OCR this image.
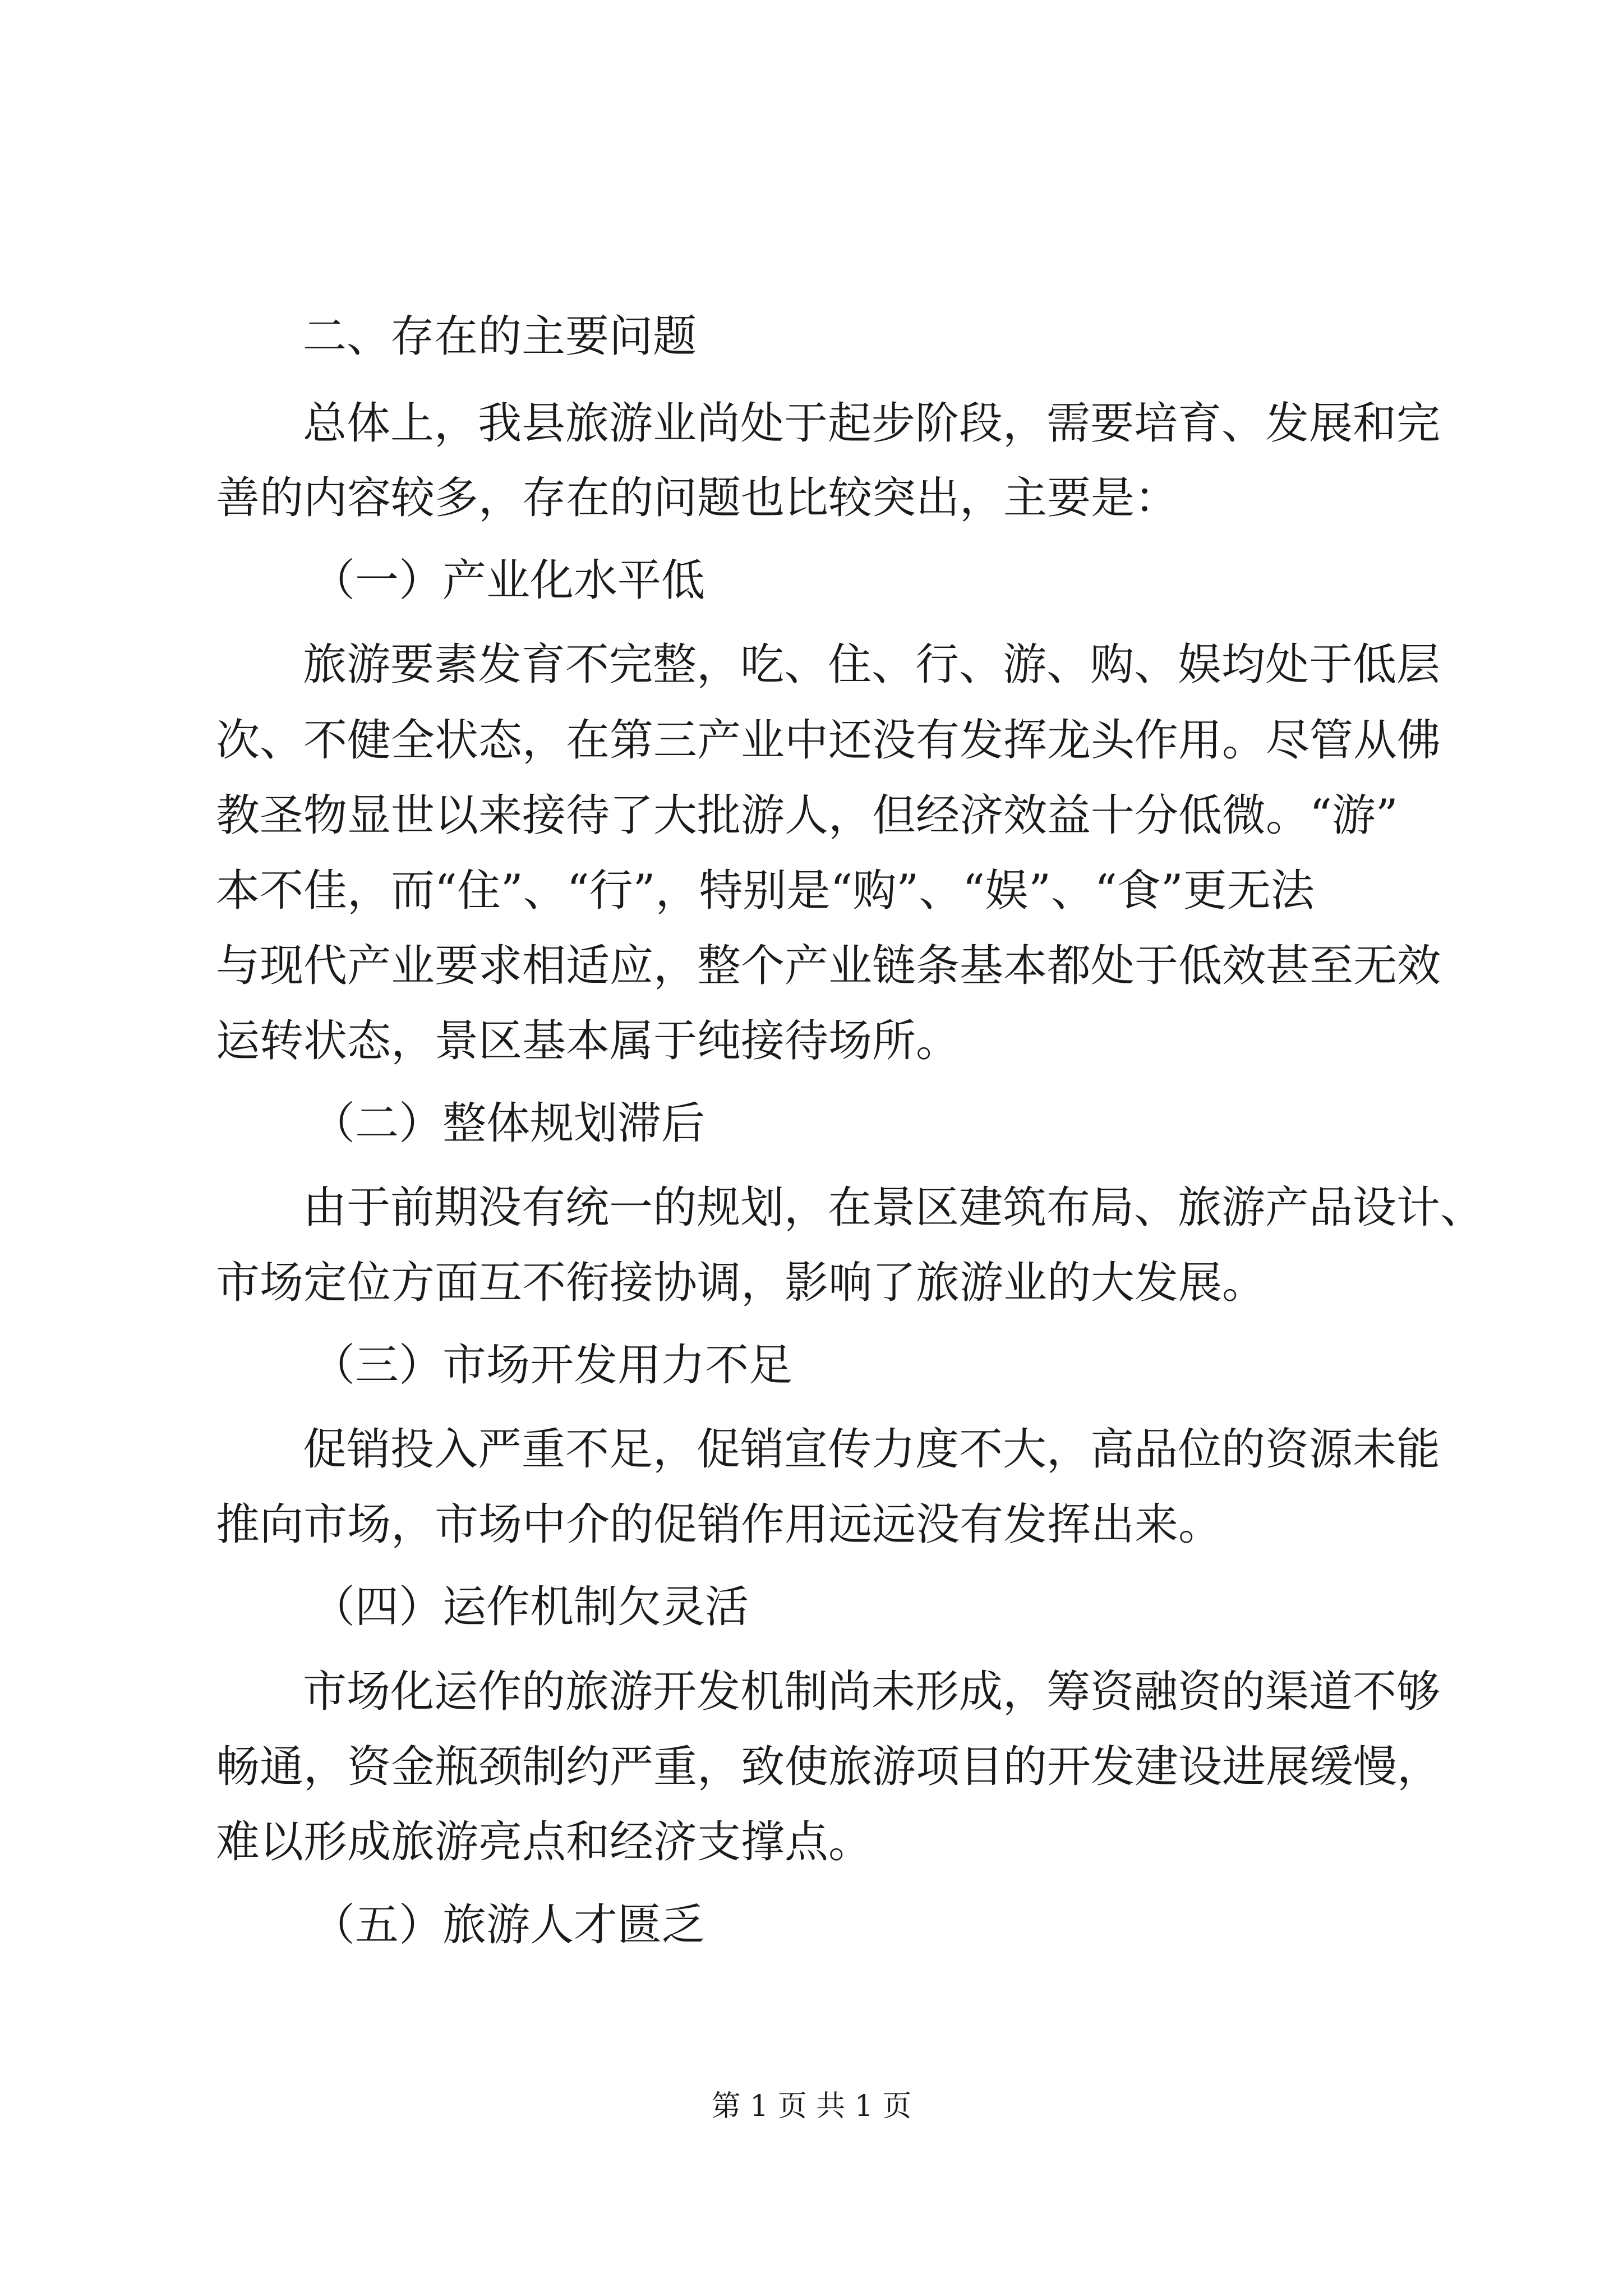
二、存在的主要问题
总体上，我县旅游业尚处于起步阶段，需要培育、发展和完
善的内容较多，存在的问题也比较突出，主要是：
（一）产业化水平低
旅游要素发育不完整，吃、住、行、游、购、娱均处于低层
次、不健全状态，在第三产业中还没有发挥龙头作用。尽管从佛
教圣物显世以来接待了大批游人，但经济效益十分低微。“游”
本不佳，而“住”、“行”，特别是“购”、“娱”、“食”更无法
与现代产业要求相适应，整个产业链条基本都处于低效甚至无效
运转状态，景区基本属于纯接待场所。
（二）整体规划滞后
由于前期没有统一的规划，在景区建筑布局、旅游产品设计、
市场定位方面互不衔接协调，影响了旅游业的大发展。
（三）市场开发用力不足
促销投入严重不足，促销宣传力度不大，高品位的资源未能
推向市场，市场中介的促销作用远远没有发挥出来。
（四）运作机制欠灵活
市场化运作的旅游开发机制尚未形成，筹资融资的渠道不够
畅通，资金瓶颈制约严重，致使旅游项目的开发建设进展缓慢，
难以形成旅游亮点和经济支撑点。
（五）旅游人才匮乏
第 1 页 共 1 页
